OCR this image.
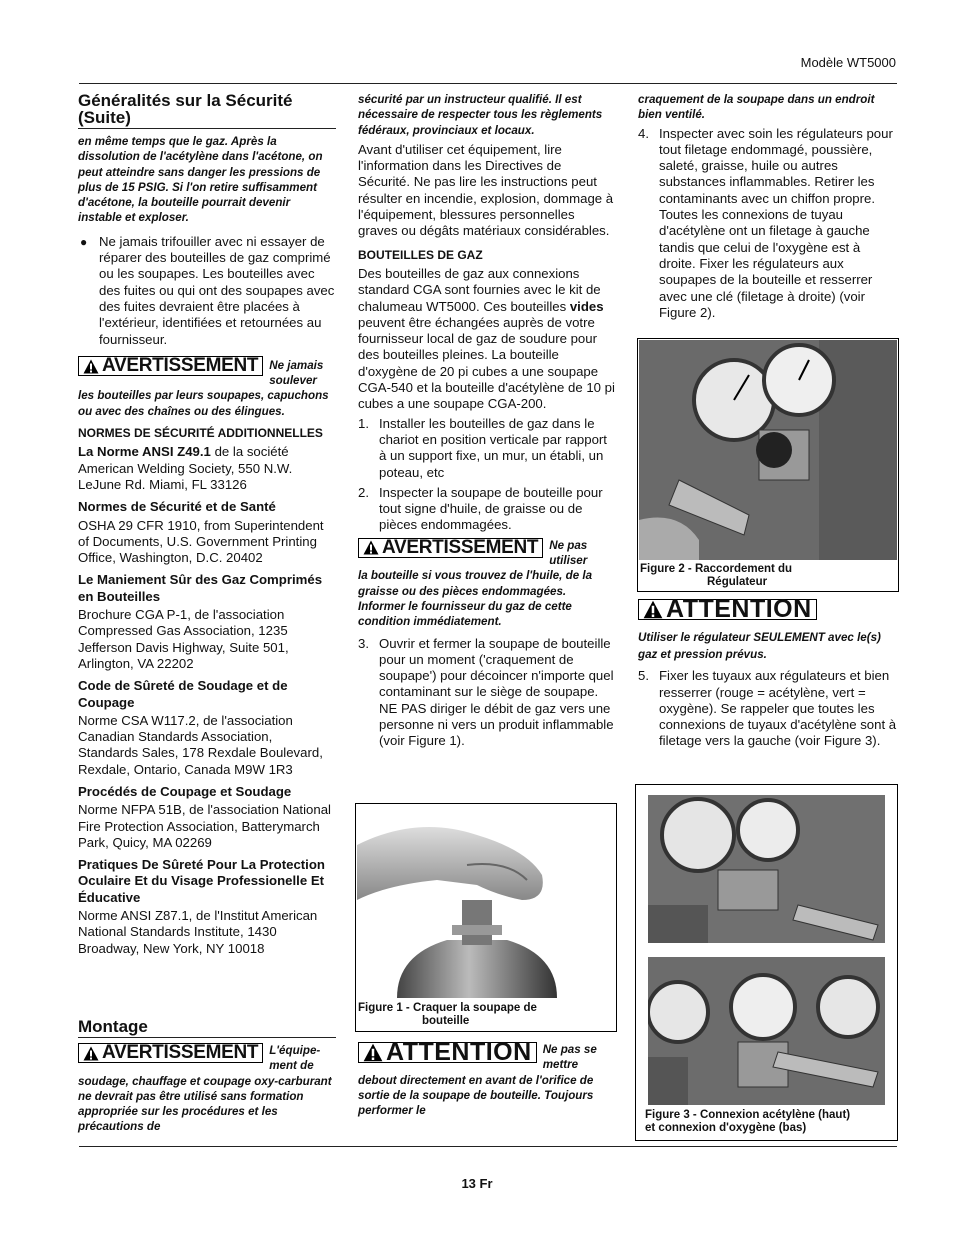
Modèle WT5000
13 Fr
Généralités sur la Sécurité (Suite)
en même temps que le gaz. Après la dissolution de l'acétylène dans l'acétone, on peut atteindre sans danger les pressions de plus de 15 PSIG. Si l'on retire suffisamment d'acétone, la bouteille pourrait devenir instable et exploser.
● Ne jamais trifouiller avec ni essayer de réparer des bouteilles de gaz comprimé ou les soupapes. Les bouteilles avec des fuites ou qui ont des soupapes avec des fuites devraient être placées à l'extérieur, identifiées et retournées au fournisseur.
AVERTISSEMENT Ne jamais soulever
les bouteilles par leurs soupapes, capuchons ou avec des chaînes ou des élingues.
NORMES DE SÉCURITÉ ADDITIONNELLES

La Norme ANSI Z49.1 de la société American Welding Society, 550 N.W. LeJune Rd. Miami, FL 33126

Normes de Sécurité et de Santé

OSHA 29 CFR 1910, from Superintendent of Documents, U.S. Government Printing Office, Washington, D.C. 20402

Le Maniement Sûr des Gaz Comprimés en Bouteilles

Brochure CGA P-1, de l'association Compressed Gas Association, 1235 Jefferson Davis Highway, Suite 501, Arlington, VA 22202

Code de Sûreté de Soudage et de Coupage

Norme CSA W117.2, de l'association Canadian Standards Association, Standards Sales, 178 Rexdale Boulevard, Rexdale, Ontario, Canada M9W 1R3

Procédés de Coupage et Soudage

Norme NFPA 51B, de l'association National Fire Protection Association, Batterymarch Park, Quicy, MA 02269

Pratiques De Sûreté Pour La Protection Oculaire Et du Visage Professionelle Et Éducative

Norme ANSI Z87.1, de l'Institut American National Standards Institute, 1430 Broadway, New York, NY 10018

Montage
AVERTISSEMENT L'équipe-ment de
soudage, chauffage et coupage oxy-carburant ne devrait pas être utilisé sans formation appropriée sur les procédures et les précautions de
sécurité par un instructeur qualifié. Il est nécessaire de respecter tous les règlements fédéraux, provinciaux et locaux.

Avant d'utiliser cet équipement, lire l'information dans les Directives de Sécurité. Ne pas lire les instructions peut résulter en incendie, explosion, dommage à l'équipement, blessures personnelles graves ou dégâts matériaux considérables.

BOUTEILLES DE GAZ

Des bouteilles de gaz aux connexions standard CGA sont fournies avec le kit de chalumeau WT5000. Ces bouteilles vides peuvent être échangées auprès de votre fournisseur local de gaz de soudure pour des bouteilles pleines. La bouteille d'oxygène de 20 pi cubes a une soupape CGA-540 et la bouteille d'acétylène de 10 pi cubes a une soupape CGA-200.

1. Installer les bouteilles de gaz dans le chariot en position verticale par rapport à un support fixe, un mur, un établi, un poteau, etc
2. Inspecter la soupape de bouteille pour tout signe d'huile, de graisse ou de pièces endommagées.
AVERTISSEMENT Ne pas utiliser
la bouteille si vous trouvez de l'huile, de la graisse ou des pièces endommagées. Informer le fournisseur du gaz de cette condition immédiatement.
3. Ouvrir et fermer la soupape de bouteille pour un moment ('craquement de soupape') pour décoincer n'importe quel contaminant sur le siège de soupape. NE PAS diriger le débit de gaz vers une personne ni vers un produit inflammable (voir Figure 1).
Figure 1 - Craquer la soupape de
bouteille
ATTENTION Ne pas se mettre
debout directement en avant de l'orifice de sortie de la soupape de bouteille. Toujours performer le
craquement de la soupape dans un endroit bien ventilé.
4. Inspecter avec soin les régulateurs pour tout filetage endommagé, poussière, saleté, graisse, huile ou autres substances inflammables. Retirer les contaminants avec un chiffon propre. Toutes les connexions de tuyau d'acétylène ont un filetage à gauche tandis que celui de l'oxygène est à droite. Fixer les régulateurs aux soupapes de la bouteille et resserrer avec une clé (filetage à droite) (voir Figure 2).
Figure 2 - Raccordement du
Régulateur
ATTENTION
Utiliser le régulateur SEULEMENT avec le(s) gaz et pression prévus.
5. Fixer les tuyaux aux régulateurs et bien resserrer (rouge = acétylène, vert = oxygène). Se rappeler que toutes les connexions de tuyaux d'acétylène sont à filetage vers la gauche (voir Figure 3).
Figure 3 - Connexion acétylène (haut)
et connexion d'oxygène (bas)
